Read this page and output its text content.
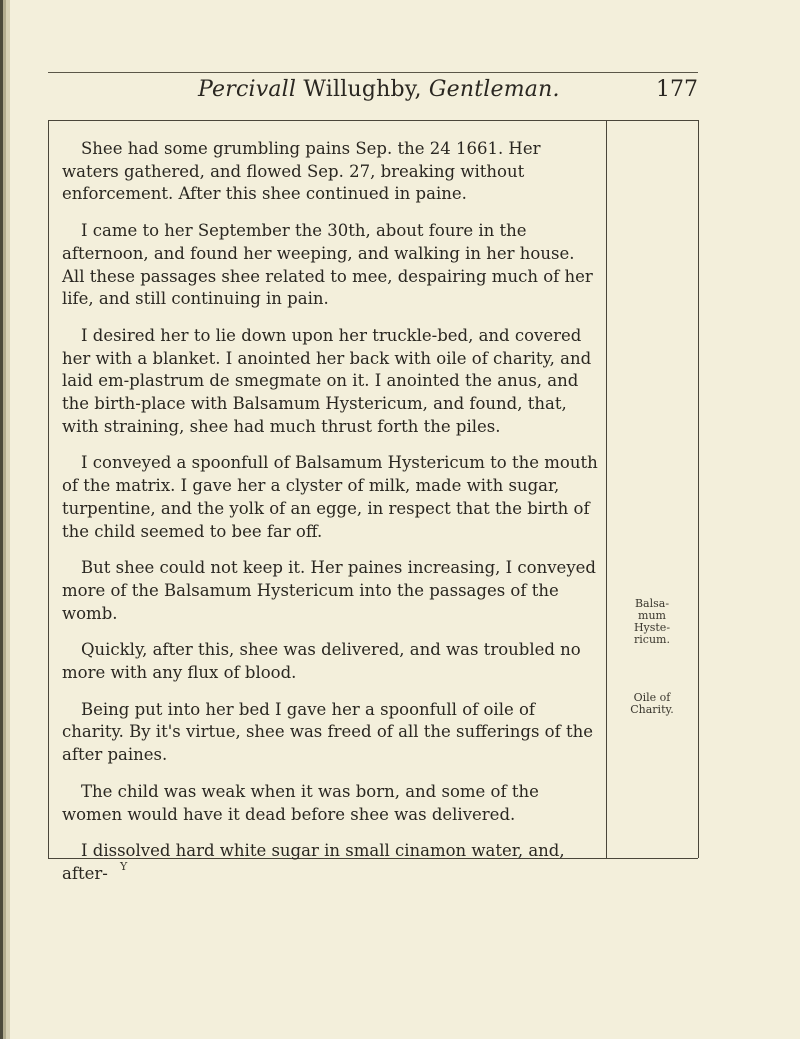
Percivall Willughby, Gentleman.	177

Shee had some grumbling pains Sep. the 24 1661. Her waters gathered, and flowed Sep. 27, breaking without enforcement. After this shee continued in paine.

I came to her September the 30th, about foure in the afternoon, and found her weeping, and walking in her house. All these passages shee related to mee, despairing much of her life, and still continuing in pain.

I desired her to lie down upon her truckle-bed, and covered her with a blanket. I anointed her back with oile of charity, and laid em-plastrum de smegmate on it. I anointed the anus, and the birth-place with Balsamum Hystericum, and found, that, with straining, shee had much thrust forth the piles.

I conveyed a spoonfull of Balsamum Hystericum to the mouth of the matrix. I gave her a clyster of milk, made with sugar, turpentine, and the yolk of an egge, in respect that the birth of the child seemed to bee far off.

But shee could not keep it. Her paines increasing, I conveyed more of the Balsamum Hystericum into the passages of the womb.

Quickly, after this, shee was delivered, and was troubled no more with any flux of blood.

Being put into her bed I gave her a spoonfull of oile of charity. By it's virtue, shee was freed of all the sufferings of the after paines.

The child was weak when it was born, and some of the women would have it dead before shee was delivered.

I dissolved hard white sugar in small cinamon water, and, after-

Balsa-
mum
Hyste-
ricum.
Oile of
Charity.
Y
